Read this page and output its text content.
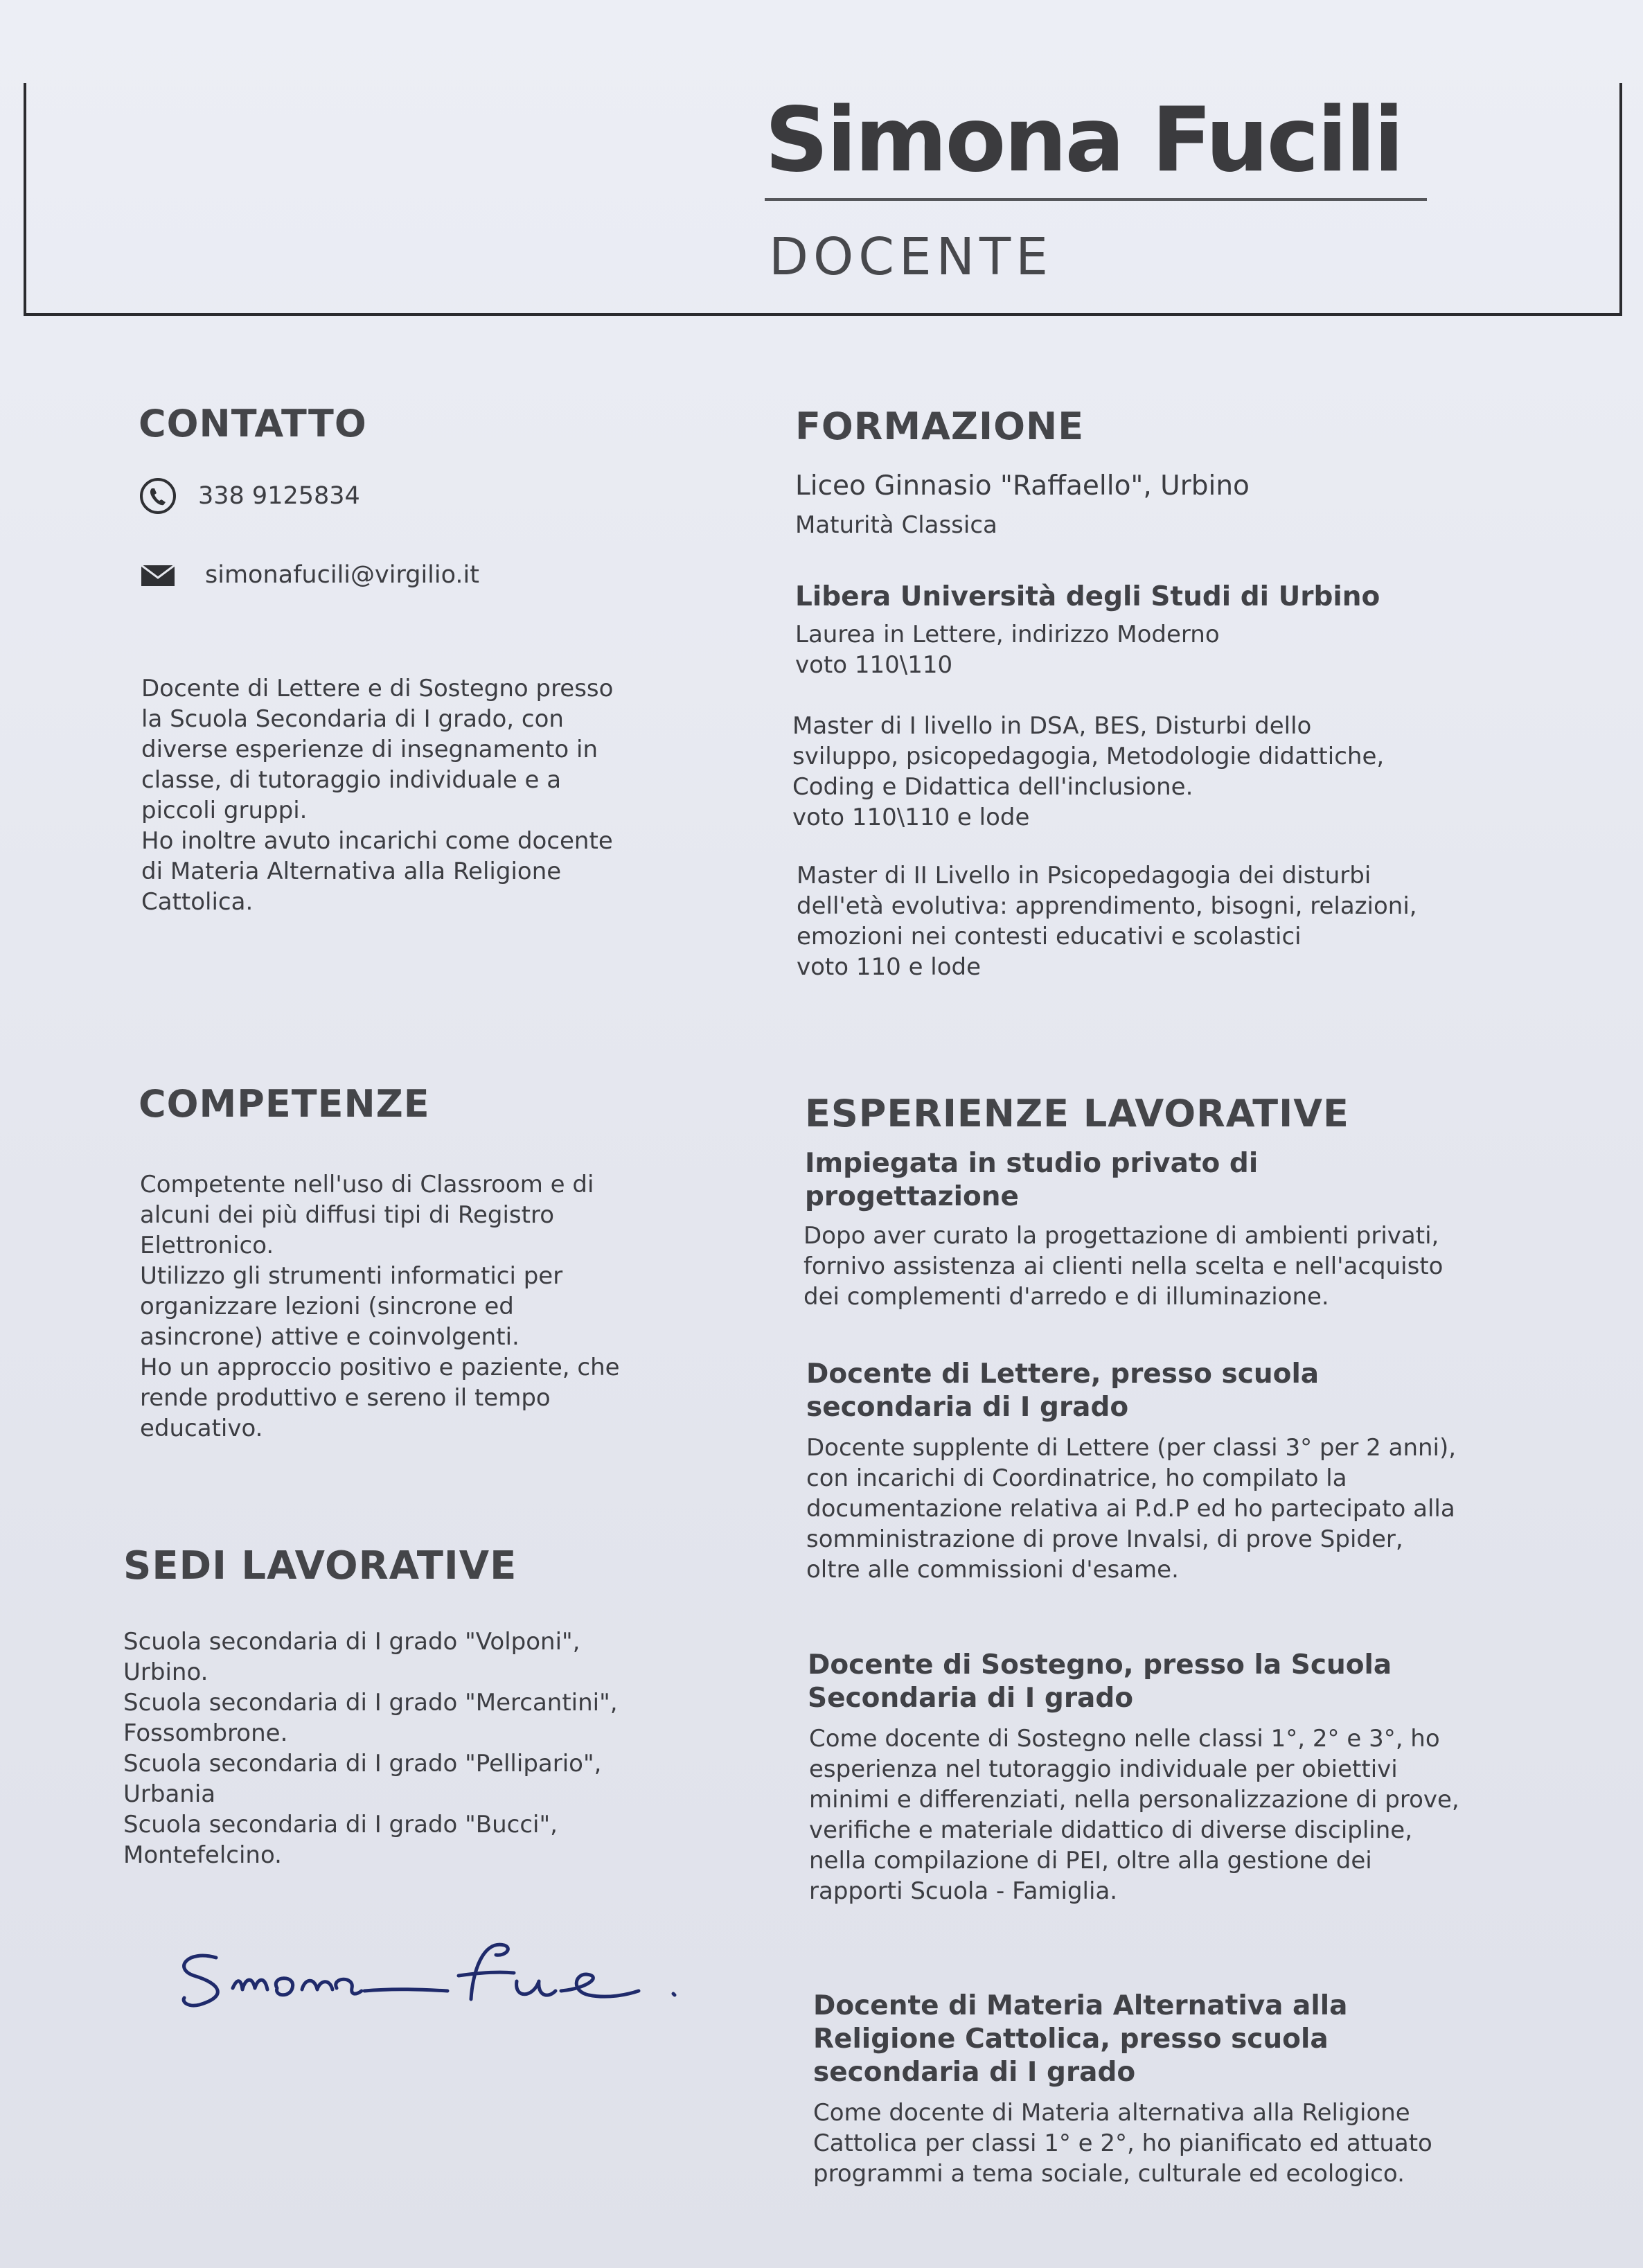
Simona Fucili
DOCENTE
CONTATTO
338 9125834
simonafucili@virgilio.it

Docente di Lettere e di Sostegno presso
la Scuola Secondaria di I grado, con
diverse esperienze di insegnamento in
classe, di tutoraggio individuale e a
piccoli gruppi.
Ho inoltre avuto incarichi come docente
di Materia Alternativa alla Religione
Cattolica.

COMPETENZE

Competente nell'uso di Classroom e di
alcuni dei più diffusi tipi di Registro
Elettronico.
Utilizzo gli strumenti informatici per
organizzare lezioni (sincrone ed
asincrone) attive e coinvolgenti.
Ho un approccio positivo e paziente, che
rende produttivo e sereno il tempo
educativo.

SEDI LAVORATIVE

Scuola secondaria di I grado "Volponi",
Urbino.
Scuola secondaria di I grado "Mercantini",
Fossombrone.
Scuola secondaria di I grado "Pellipario",
Urbania
Scuola secondaria di I grado "Bucci",
Montefelcino.

FORMAZIONE
Liceo Ginnasio "Raffaello", Urbino
Maturità Classica
Libera Università degli Studi di Urbino

Laurea in Lettere, indirizzo Moderno
voto 110\110

Master di I livello in DSA, BES, Disturbi dello
sviluppo, psicopedagogia, Metodologie didattiche,
Coding e Didattica dell'inclusione.
voto 110\110 e lode

Master di II Livello in Psicopedagogia dei disturbi
dell'età evolutiva: apprendimento, bisogni, relazioni,
emozioni nei contesti educativi e scolastici
voto 110 e lode

ESPERIENZE LAVORATIVE
Impiegata in studio privato di
progettazione

Dopo aver curato la progettazione di ambienti privati,
fornivo assistenza ai clienti nella scelta e nell'acquisto
dei complementi d'arredo e di illuminazione.

Docente di Lettere, presso scuola
secondaria di I grado

Docente supplente di Lettere (per classi 3° per 2 anni),
con incarichi di Coordinatrice, ho compilato la
documentazione relativa ai P.d.P ed ho partecipato alla
somministrazione di prove Invalsi, di prove Spider,
oltre alle commissioni d'esame.

Docente di Sostegno, presso la Scuola
Secondaria di I grado

Come docente di Sostegno nelle classi 1°, 2° e 3°, ho
esperienza nel tutoraggio individuale per obiettivi
minimi e differenziati, nella personalizzazione di prove,
verifiche e materiale didattico di diverse discipline,
nella compilazione di PEI, oltre alla gestione dei
rapporti Scuola - Famiglia.

Docente di Materia Alternativa alla
Religione Cattolica, presso scuola
secondaria di I grado

Come docente di Materia alternativa alla Religione
Cattolica per classi 1° e 2°, ho pianificato ed attuato
programmi a tema sociale, culturale ed ecologico.
